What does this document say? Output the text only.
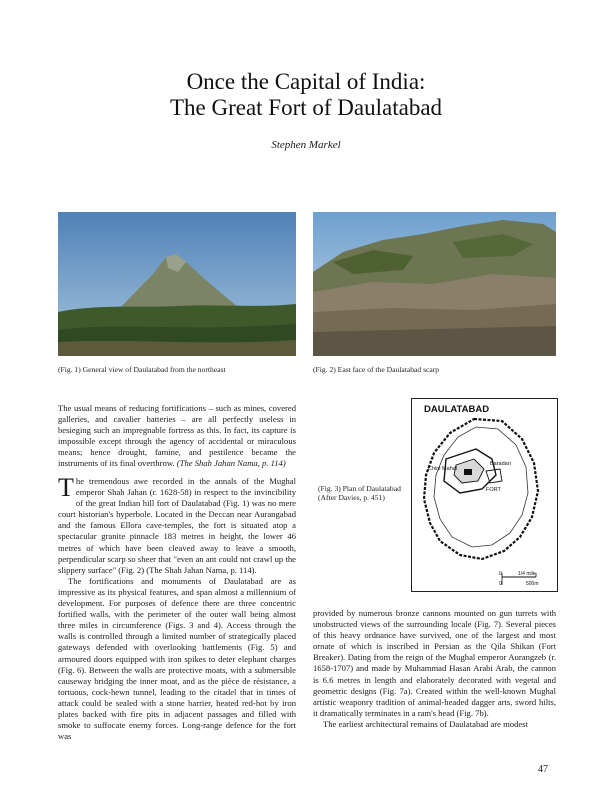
Once the Capital of India:
The Great Fort of Daulatabad
Stephen Markel
(Fig. 1) General view of Daulatabad from the northeast	(Fig. 2) East face of the Daulatabad scarp
The usual means of reducing fortifications – such as mines, covered galleries, and cavalier batteries – are all perfectly useless in besieging such an impregnable fortress as this. In fact, its capture is impossible except through the agency of accidental or miraculous means; hence drought, famine, and pestilence became the instruments of its final overthrow. (The Shah Jahan Nama, p. 114)
(Fig. 3) Plan of Daulatabad (After Davies, p. 451)
DAULATABAD
Chini Mahal
Baradari
FORT
0	1/4 mile
0	500m

The tremendous awe recorded in the annals of the Mughal emperor Shah Jahan (r. 1628-58) in respect to the invincibility of the great Indian hill fort of Daulatabad (Fig. 1) was no mere court historian's hyperbole. Located in the Deccan near Aurangabad and the famous Ellora cave-temples, the fort is situated atop a spectacular granite pinnacle 183 metres in height, the lower 46 metres of which have been cleaved away to leave a smooth, perpendicular scarp so sheer that "even an ant could not crawl up the slippery surface" (Fig. 2) (The Shah Jahan Nama, p. 114).

The fortifications and monuments of Daulatabad are as impressive as its physical features, and span almost a millennium of development. For purposes of defence there are three concentric fortified walls, with the perimeter of the outer wall being almost three miles in circumference (Figs. 3 and 4). Access through the walls is controlled through a limited number of strategically placed gateways defended with overlooking battlements (Fig. 5) and armoured doors equipped with iron spikes to deter elephant charges (Fig. 6). Between the walls are protective moats, with a submersible causeway bridging the inner moat, and as the pièce de résistance, a tortuous, cock-hewn tunnel, leading to the citadel that in times of attack could be sealed with a stone barrier, heated red-hot by iron plates backed with fire pits in adjacent passages and filled with smoke to suffocate enemy forces. Long-range defence for the fort was

provided by numerous bronze cannons mounted on gun turrets with unobstructed views of the surrounding locale (Fig. 7). Several pieces of this heavy ordnance have survived, one of the largest and most ornate of which is inscribed in Persian as the Qila Shikan (Fort Breaker). Dating from the reign of the Mughal emperor Aurangzeb (r. 1658-1707) and made by Muhammad Hasan Arabi Arab, the cannon is 6.6 metres in length and elaborately decorated with vegetal and geometric designs (Fig. 7a). Created within the well-known Mughal artistic weaponry tradition of animal-headed dagger arts, sword hilts, it dramatically terminates in a ram's head (Fig. 7b).

The earliest architectural remains of Daulatabad are modest

47
